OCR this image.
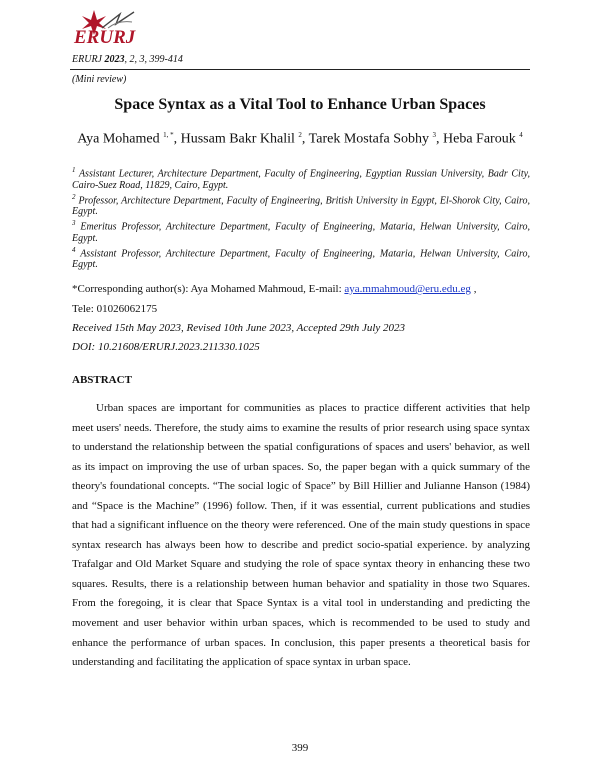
ERURJ
ERURJ 2023, 2, 3, 399-414
(Mini review)
Space Syntax as a Vital Tool to Enhance Urban Spaces
Aya Mohamed $^{1, *}$, Hussam Bakr Khalil $^2$, Tarek Mostafa Sobhy $^3$, Heba Farouk $^4$

$^1$ Assistant Lecturer, Architecture Department, Faculty of Engineering, Egyptian Russian University, Badr City, Cairo-Suez Road, 11829, Cairo, Egypt.

$^2$ Professor, Architecture Department, Faculty of Engineering, British University in Egypt, El-Shorok City, Cairo, Egypt.

$^3$ Emeritus Professor, Architecture Department, Faculty of Engineering, Mataria, Helwan University, Cairo, Egypt.

$^4$ Assistant Professor, Architecture Department, Faculty of Engineering, Mataria, Helwan University, Cairo, Egypt.

*Corresponding author(s): Aya Mohamed Mahmoud, E-mail: aya.mmahmoud@eru.edu.eg ,
Tele: 01026062175
Received 15th May 2023, Revised 10th June 2023, Accepted 29th July 2023
DOI: 10.21608/ERURJ.2023.211330.1025
ABSTRACT

Urban spaces are important for communities as places to practice different activities that help meet users' needs. Therefore, the study aims to examine the results of prior research using space syntax to understand the relationship between the spatial configurations of spaces and users' behavior, as well as its impact on improving the use of urban spaces. So, the paper began with a quick summary of the theory's foundational concepts. “The social logic of Space” by Bill Hillier and Julianne Hanson (1984) and “Space is the Machine” (1996) follow. Then, if it was essential, current publications and studies that had a significant influence on the theory were referenced. One of the main study questions in space syntax research has always been how to describe and predict socio-spatial experience. by analyzing Trafalgar and Old Market Square and studying the role of space syntax theory in enhancing these two squares. Results, there is a relationship between human behavior and spatiality in those two Squares. From the foregoing, it is clear that Space Syntax is a vital tool in understanding and predicting the movement and user behavior within urban spaces, which is recommended to be used to study and enhance the performance of urban spaces. In conclusion, this paper presents a theoretical basis for understanding and facilitating the application of space syntax in urban space.

399
